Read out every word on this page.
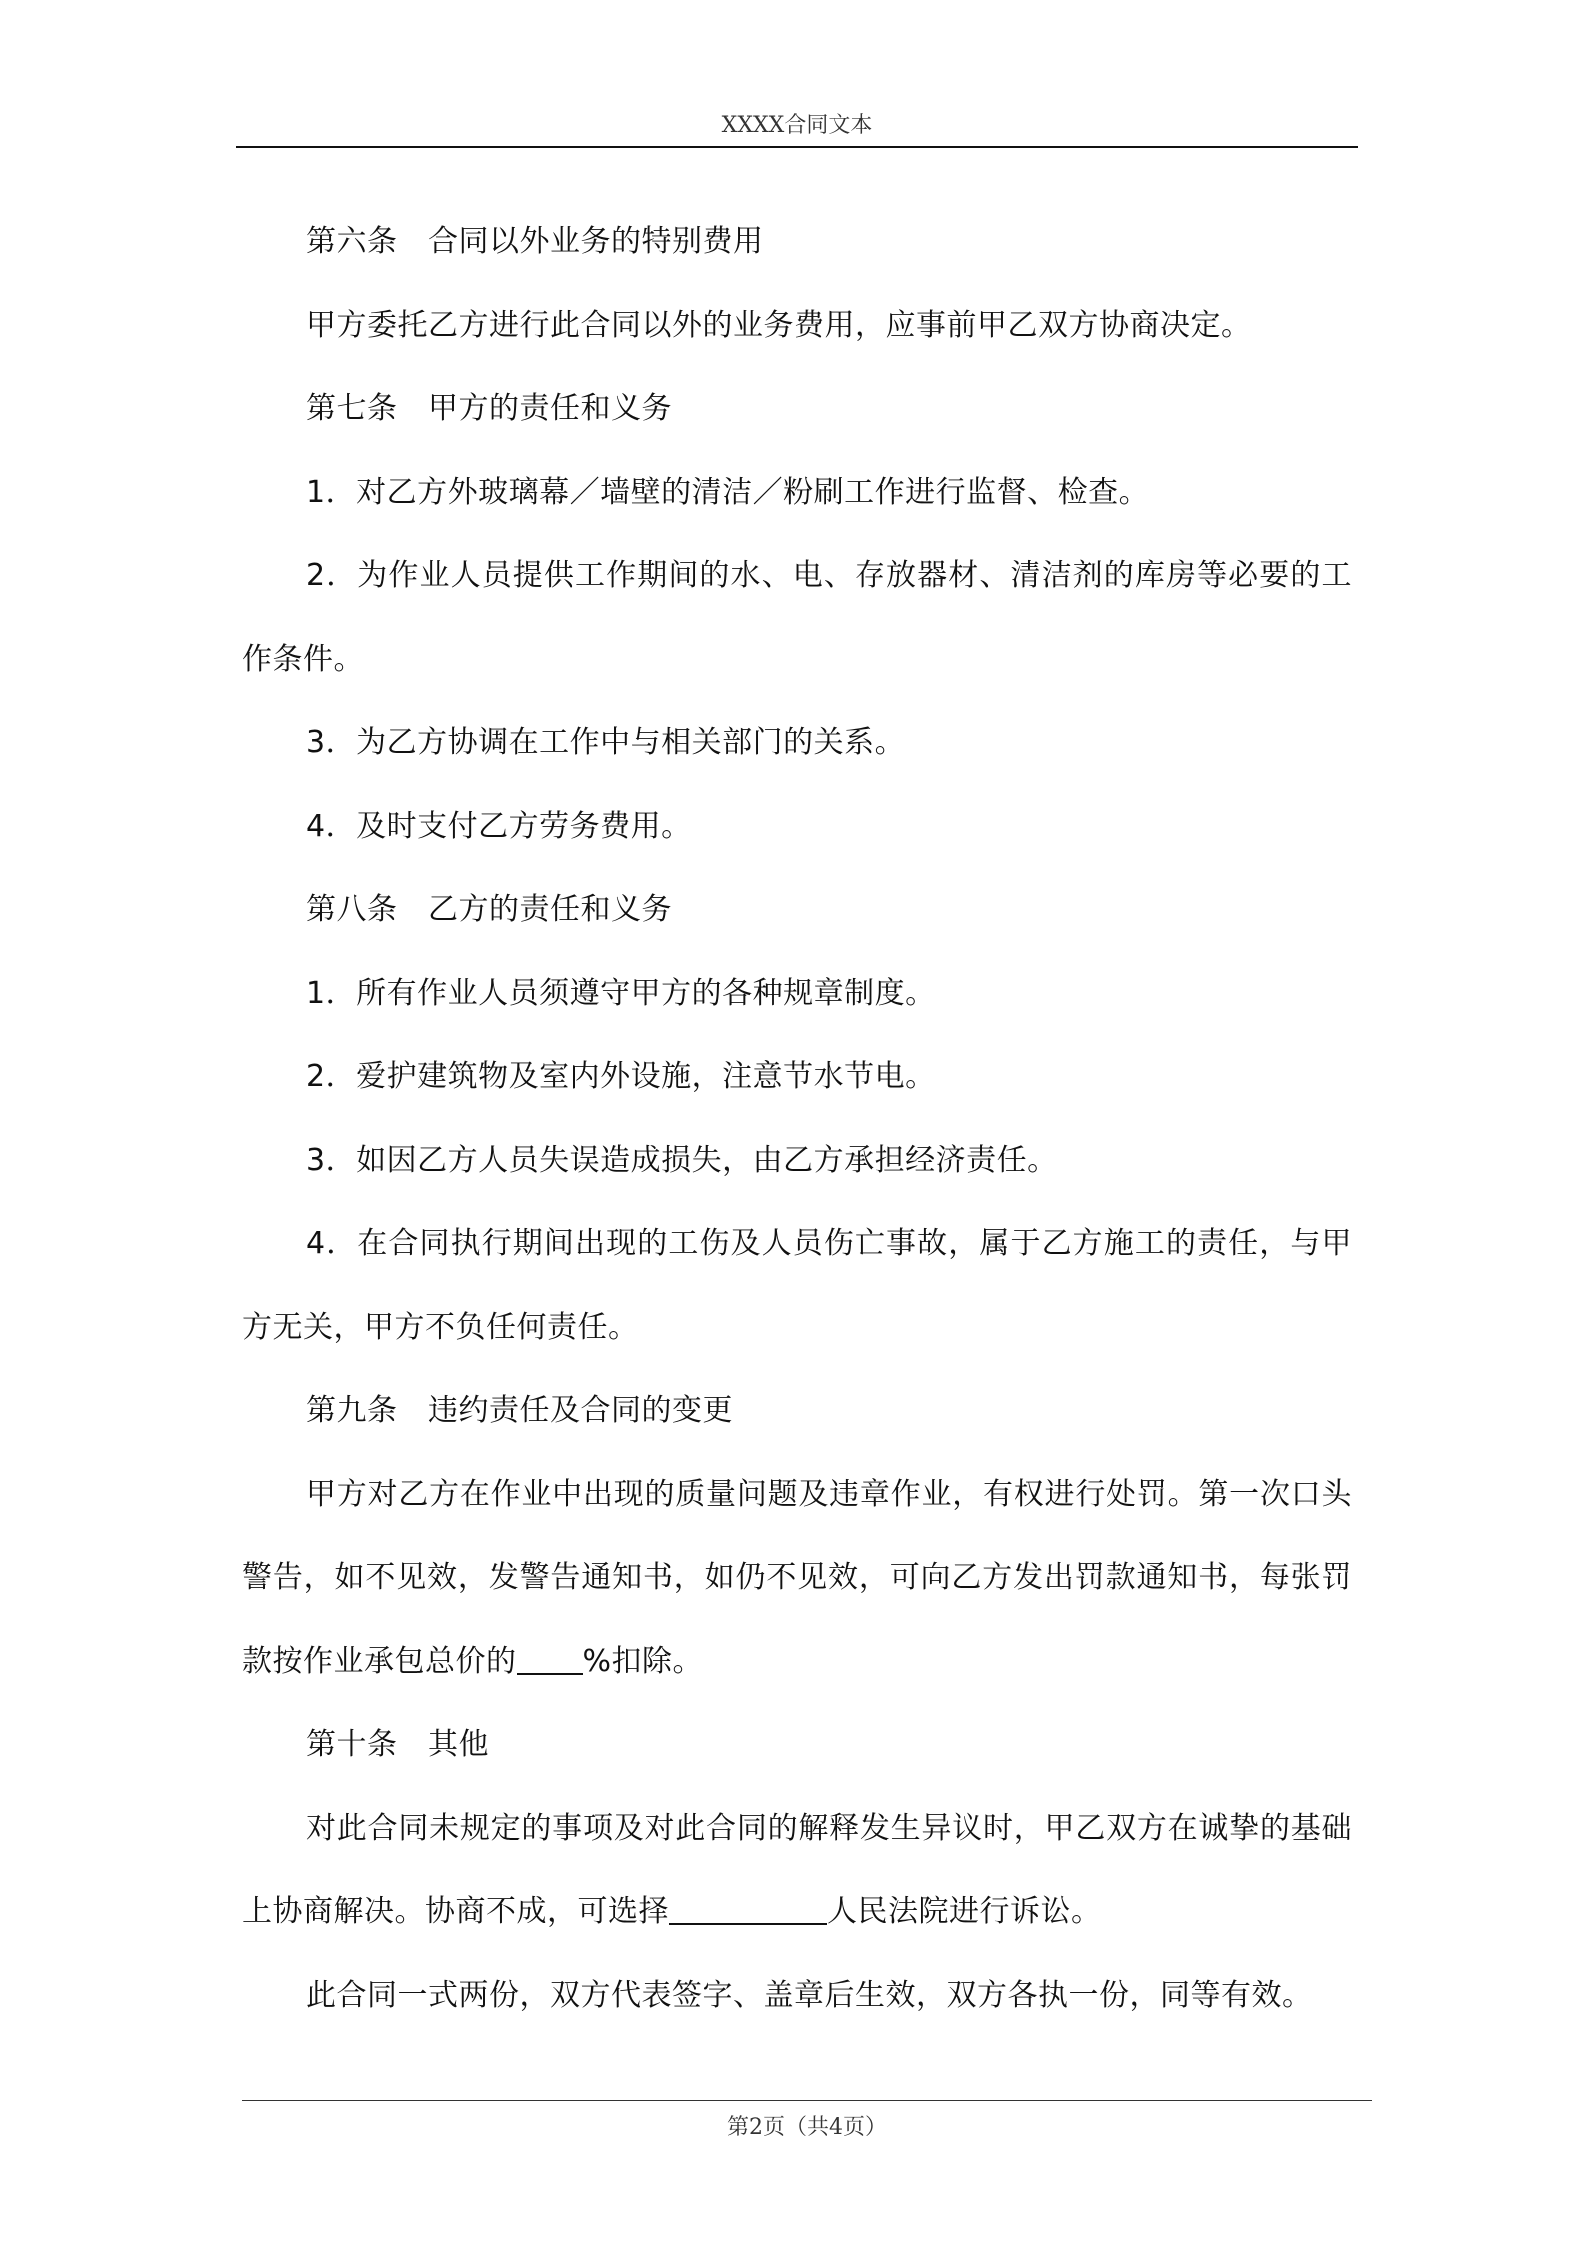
XXXX合同文本

第六条　合同以外业务的特别费用

甲方委托乙方进行此合同以外的业务费用，应事前甲乙双方协商决定。

第七条　甲方的责任和义务

1．对乙方外玻璃幕／墙壁的清洁／粉刷工作进行监督、检查。

2．为作业人员提供工作期间的水、电、存放器材、清洁剂的库房等必要的工作条件。

3．为乙方协调在工作中与相关部门的关系。

4．及时支付乙方劳务费用。

第八条　乙方的责任和义务

1．所有作业人员须遵守甲方的各种规章制度。

2．爱护建筑物及室内外设施，注意节水节电。

3．如因乙方人员失误造成损失，由乙方承担经济责任。

4．在合同执行期间出现的工伤及人员伤亡事故，属于乙方施工的责任，与甲方无关，甲方不负任何责任。

第九条　违约责任及合同的变更

甲方对乙方在作业中出现的质量问题及违章作业，有权进行处罚。第一次口头警告，如不见效，发警告通知书，如仍不见效，可向乙方发出罚款通知书，每张罚款按作业承包总价的 %扣除。

第十条　其他

对此合同未规定的事项及对此合同的解释发生异议时，甲乙双方在诚挚的基础上协商解决。协商不成，可选择	人民法院进行诉讼。

此合同一式两份，双方代表签字、盖章后生效，双方各执一份，同等有效。

第2页（共4页）
